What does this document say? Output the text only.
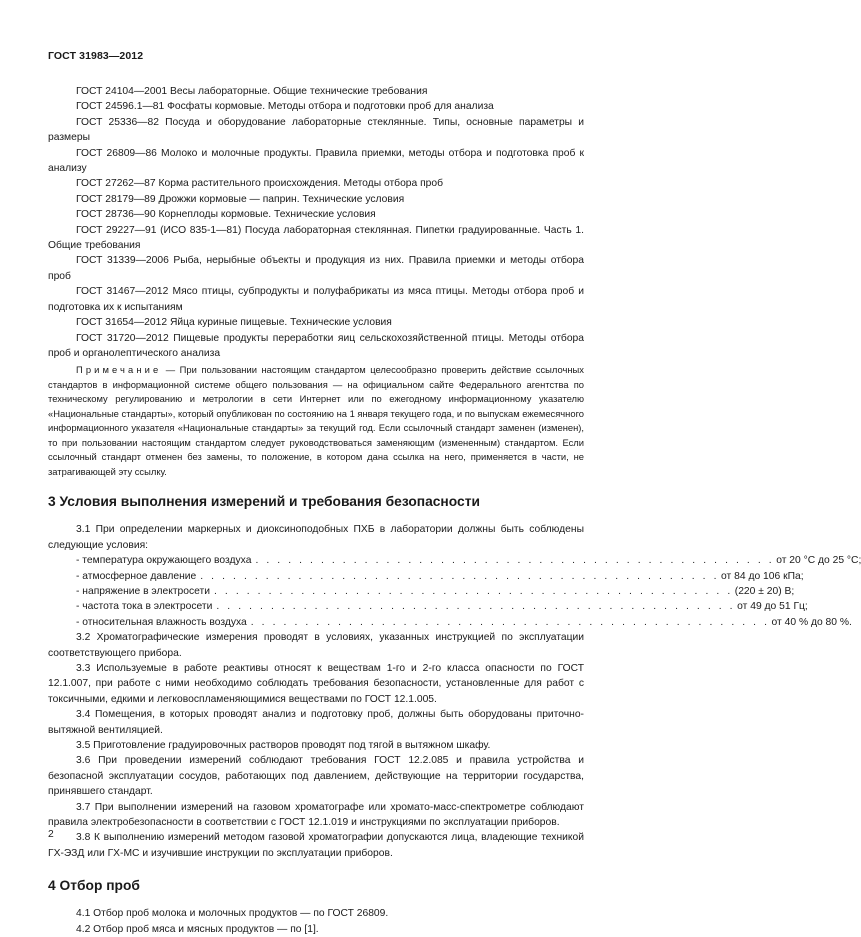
ГОСТ 31983—2012

ГОСТ 24104—2001 Весы лабораторные. Общие технические требования

ГОСТ 24596.1—81 Фосфаты кормовые. Методы отбора и подготовки проб для анализа

ГОСТ 25336—82 Посуда и оборудование лабораторные стеклянные. Типы, основные параметры и размеры

ГОСТ 26809—86 Молоко и молочные продукты. Правила приемки, методы отбора и подготовка проб к анализу

ГОСТ 27262—87 Корма растительного происхождения. Методы отбора проб

ГОСТ 28179—89 Дрожжи кормовые — паприн. Технические условия

ГОСТ 28736—90 Корнеплоды кормовые. Технические условия

ГОСТ 29227—91 (ИСО 835-1—81) Посуда лабораторная стеклянная. Пипетки градуированные. Часть 1. Общие требования

ГОСТ 31339—2006 Рыба, нерыбные объекты и продукция из них. Правила приемки и методы отбора проб

ГОСТ 31467—2012 Мясо птицы, субпродукты и полуфабрикаты из мяса птицы. Методы отбора проб и подготовка их к испытаниям

ГОСТ 31654—2012 Яйца куриные пищевые. Технические условия

ГОСТ 31720—2012 Пищевые продукты переработки яиц сельскохозяйственной птицы. Методы отбора проб и органолептического анализа

Примечание — При пользовании настоящим стандартом целесообразно проверить действие ссылочных стандартов в информационной системе общего пользования — на официальном сайте Федерального агентства по техническому регулированию и метрологии в сети Интернет или по ежегодному информационному указателю «Национальные стандарты», который опубликован по состоянию на 1 января текущего года, и по выпускам ежемесячного информационного указателя «Национальные стандарты» за текущий год. Если ссылочный стандарт заменен (изменен), то при пользовании настоящим стандартом следует руководствоваться заменяющим (измененным) стандартом. Если ссылочный стандарт отменен без замены, то положение, в котором дана ссылка на него, применяется в части, не затрагивающей эту ссылку.

3 Условия выполнения измерений и требования безопасности

3.1 При определении маркерных и диоксиноподобных ПХБ в лаборатории должны быть соблюдены следующие условия:

- температура окружающего воздуха . . . . . . . . . . . . . . . . . . . . . . . . . . . . . . . . . . . . . . . . . . . . . . . . от 20 °С до 25 °С;
- атмосферное давление . . . . . . . . . . . . . . . . . . . . . . . . . . . . . . . . . . . . . . . . . . . . . . . . от 84 до 106 кПа;
- напряжение в электросети . . . . . . . . . . . . . . . . . . . . . . . . . . . . . . . . . . . . . . . . . . . . . . . . (220 ± 20) В;
- частота тока в электросети . . . . . . . . . . . . . . . . . . . . . . . . . . . . . . . . . . . . . . . . . . . . . . . . от 49 до 51 Гц;
- относительная влажность воздуха . . . . . . . . . . . . . . . . . . . . . . . . . . . . . . . . . . . . . . . . . . . . . . . . от 40 % до 80 %.

3.2 Хроматографические измерения проводят в условиях, указанных инструкцией по эксплуатации соответствующего прибора.

3.3 Используемые в работе реактивы относят к веществам 1-го и 2-го класса опасности по ГОСТ 12.1.007, при работе с ними необходимо соблюдать требования безопасности, установленные для работ с токсичными, едкими и легковоспламеняющимися веществами по ГОСТ 12.1.005.

3.4 Помещения, в которых проводят анализ и подготовку проб, должны быть оборудованы приточно-вытяжной вентиляцией.

3.5 Приготовление градуировочных растворов проводят под тягой в вытяжном шкафу.

3.6 При проведении измерений соблюдают требования ГОСТ 12.2.085 и правила устройства и безопасной эксплуатации сосудов, работающих под давлением, действующие на территории государства, принявшего стандарт.

3.7 При выполнении измерений на газовом хроматографе или хромато-масс-спектрометре соблюдают правила электробезопасности в соответствии с ГОСТ 12.1.019 и инструкциями по эксплуатации приборов.

3.8 К выполнению измерений методом газовой хроматографии допускаются лица, владеющие техникой ГХ-ЭЗД или ГХ-МС и изучившие инструкции по эксплуатации приборов.

4 Отбор проб

4.1 Отбор проб молока и молочных продуктов — по ГОСТ 26809.

4.2 Отбор проб мяса и мясных продуктов — по [1].

2
